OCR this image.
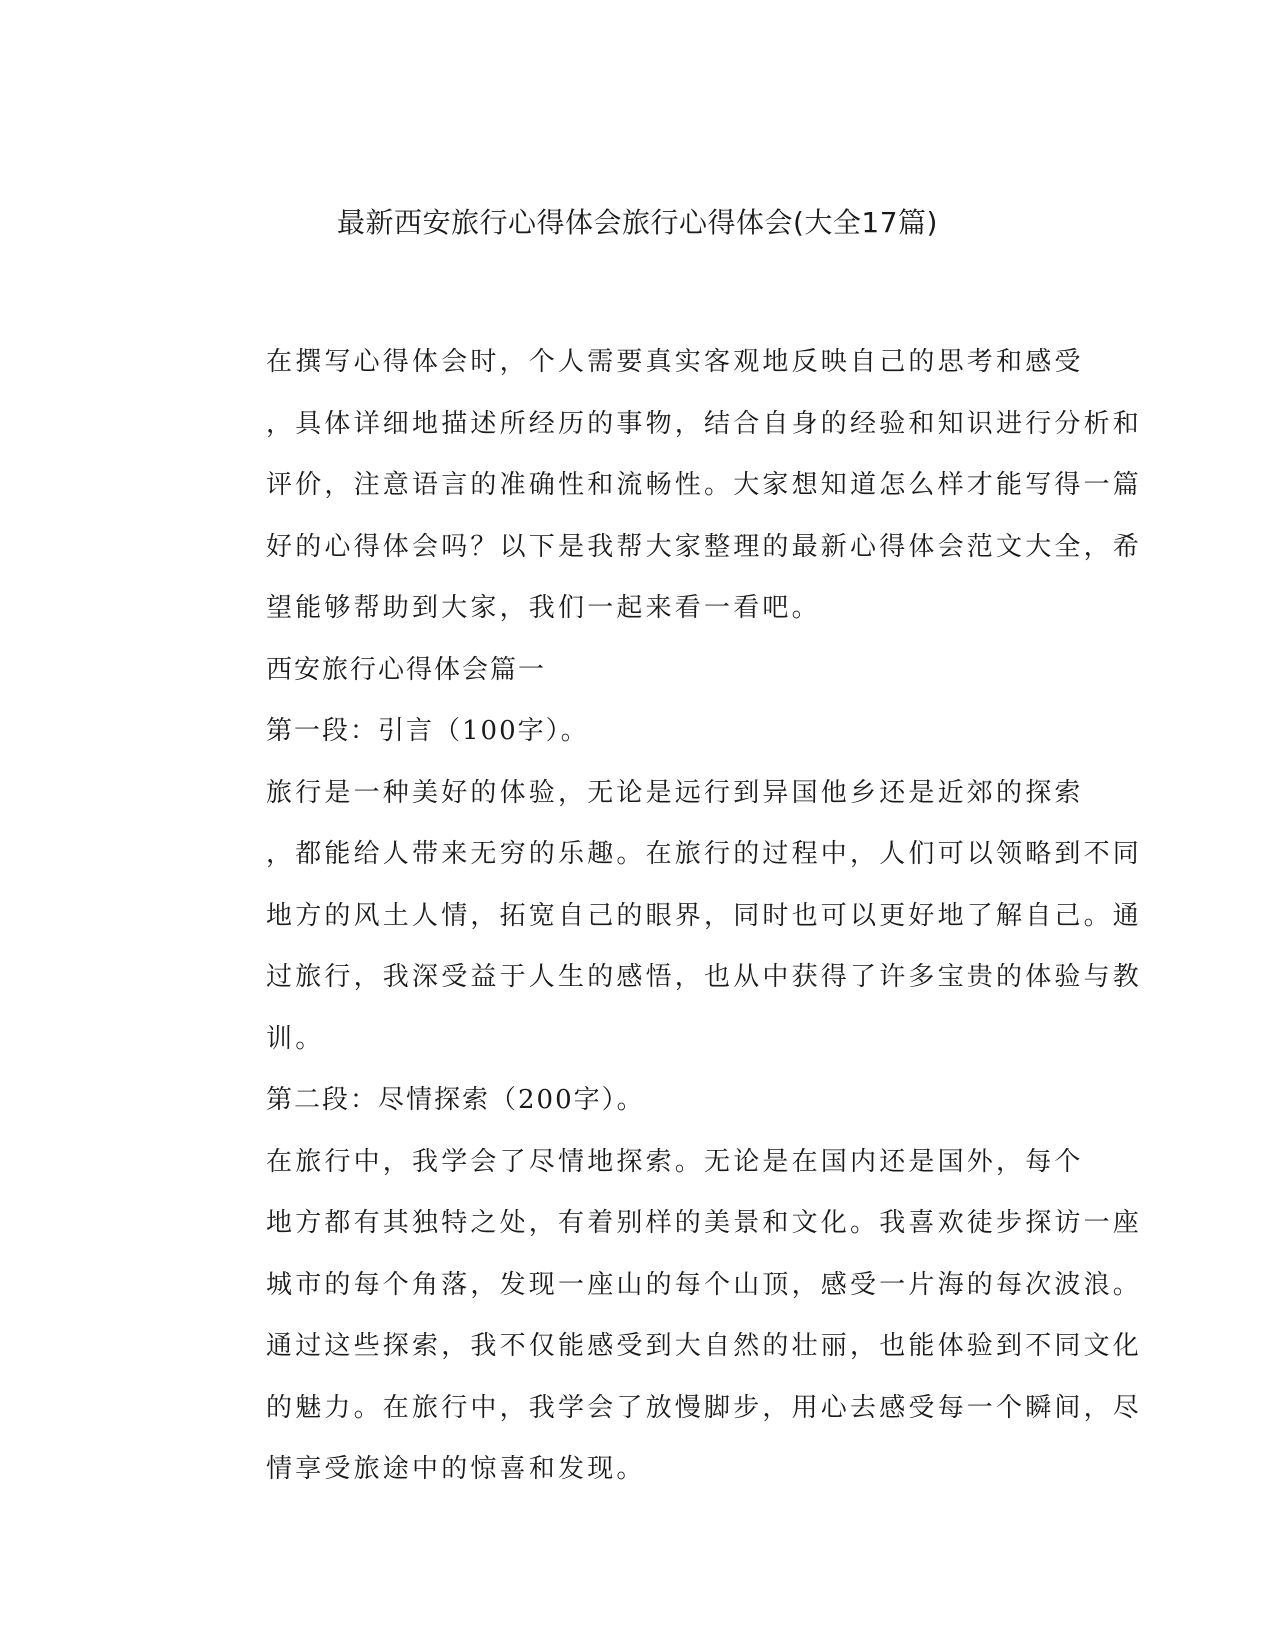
最新西安旅行心得体会旅行心得体会(大全17篇)

在撰写心得体会时，个人需要真实客观地反映自己的思考和感受
，具体详细地描述所经历的事物，结合自身的经验和知识进行分析和
评价，注意语言的准确性和流畅性。大家想知道怎么样才能写得一篇
好的心得体会吗？以下是我帮大家整理的最新心得体会范文大全，希
望能够帮助到大家，我们一起来看一看吧。

西安旅行心得体会篇一

第一段：引言（100字）。

旅行是一种美好的体验，无论是远行到异国他乡还是近郊的探索
，都能给人带来无穷的乐趣。在旅行的过程中，人们可以领略到不同
地方的风土人情，拓宽自己的眼界，同时也可以更好地了解自己。通
过旅行，我深受益于人生的感悟，也从中获得了许多宝贵的体验与教
训。

第二段：尽情探索（200字）。

在旅行中，我学会了尽情地探索。无论是在国内还是国外，每个
地方都有其独特之处，有着别样的美景和文化。我喜欢徒步探访一座
城市的每个角落，发现一座山的每个山顶，感受一片海的每次波浪。
通过这些探索，我不仅能感受到大自然的壮丽，也能体验到不同文化
的魅力。在旅行中，我学会了放慢脚步，用心去感受每一个瞬间，尽
情享受旅途中的惊喜和发现。
